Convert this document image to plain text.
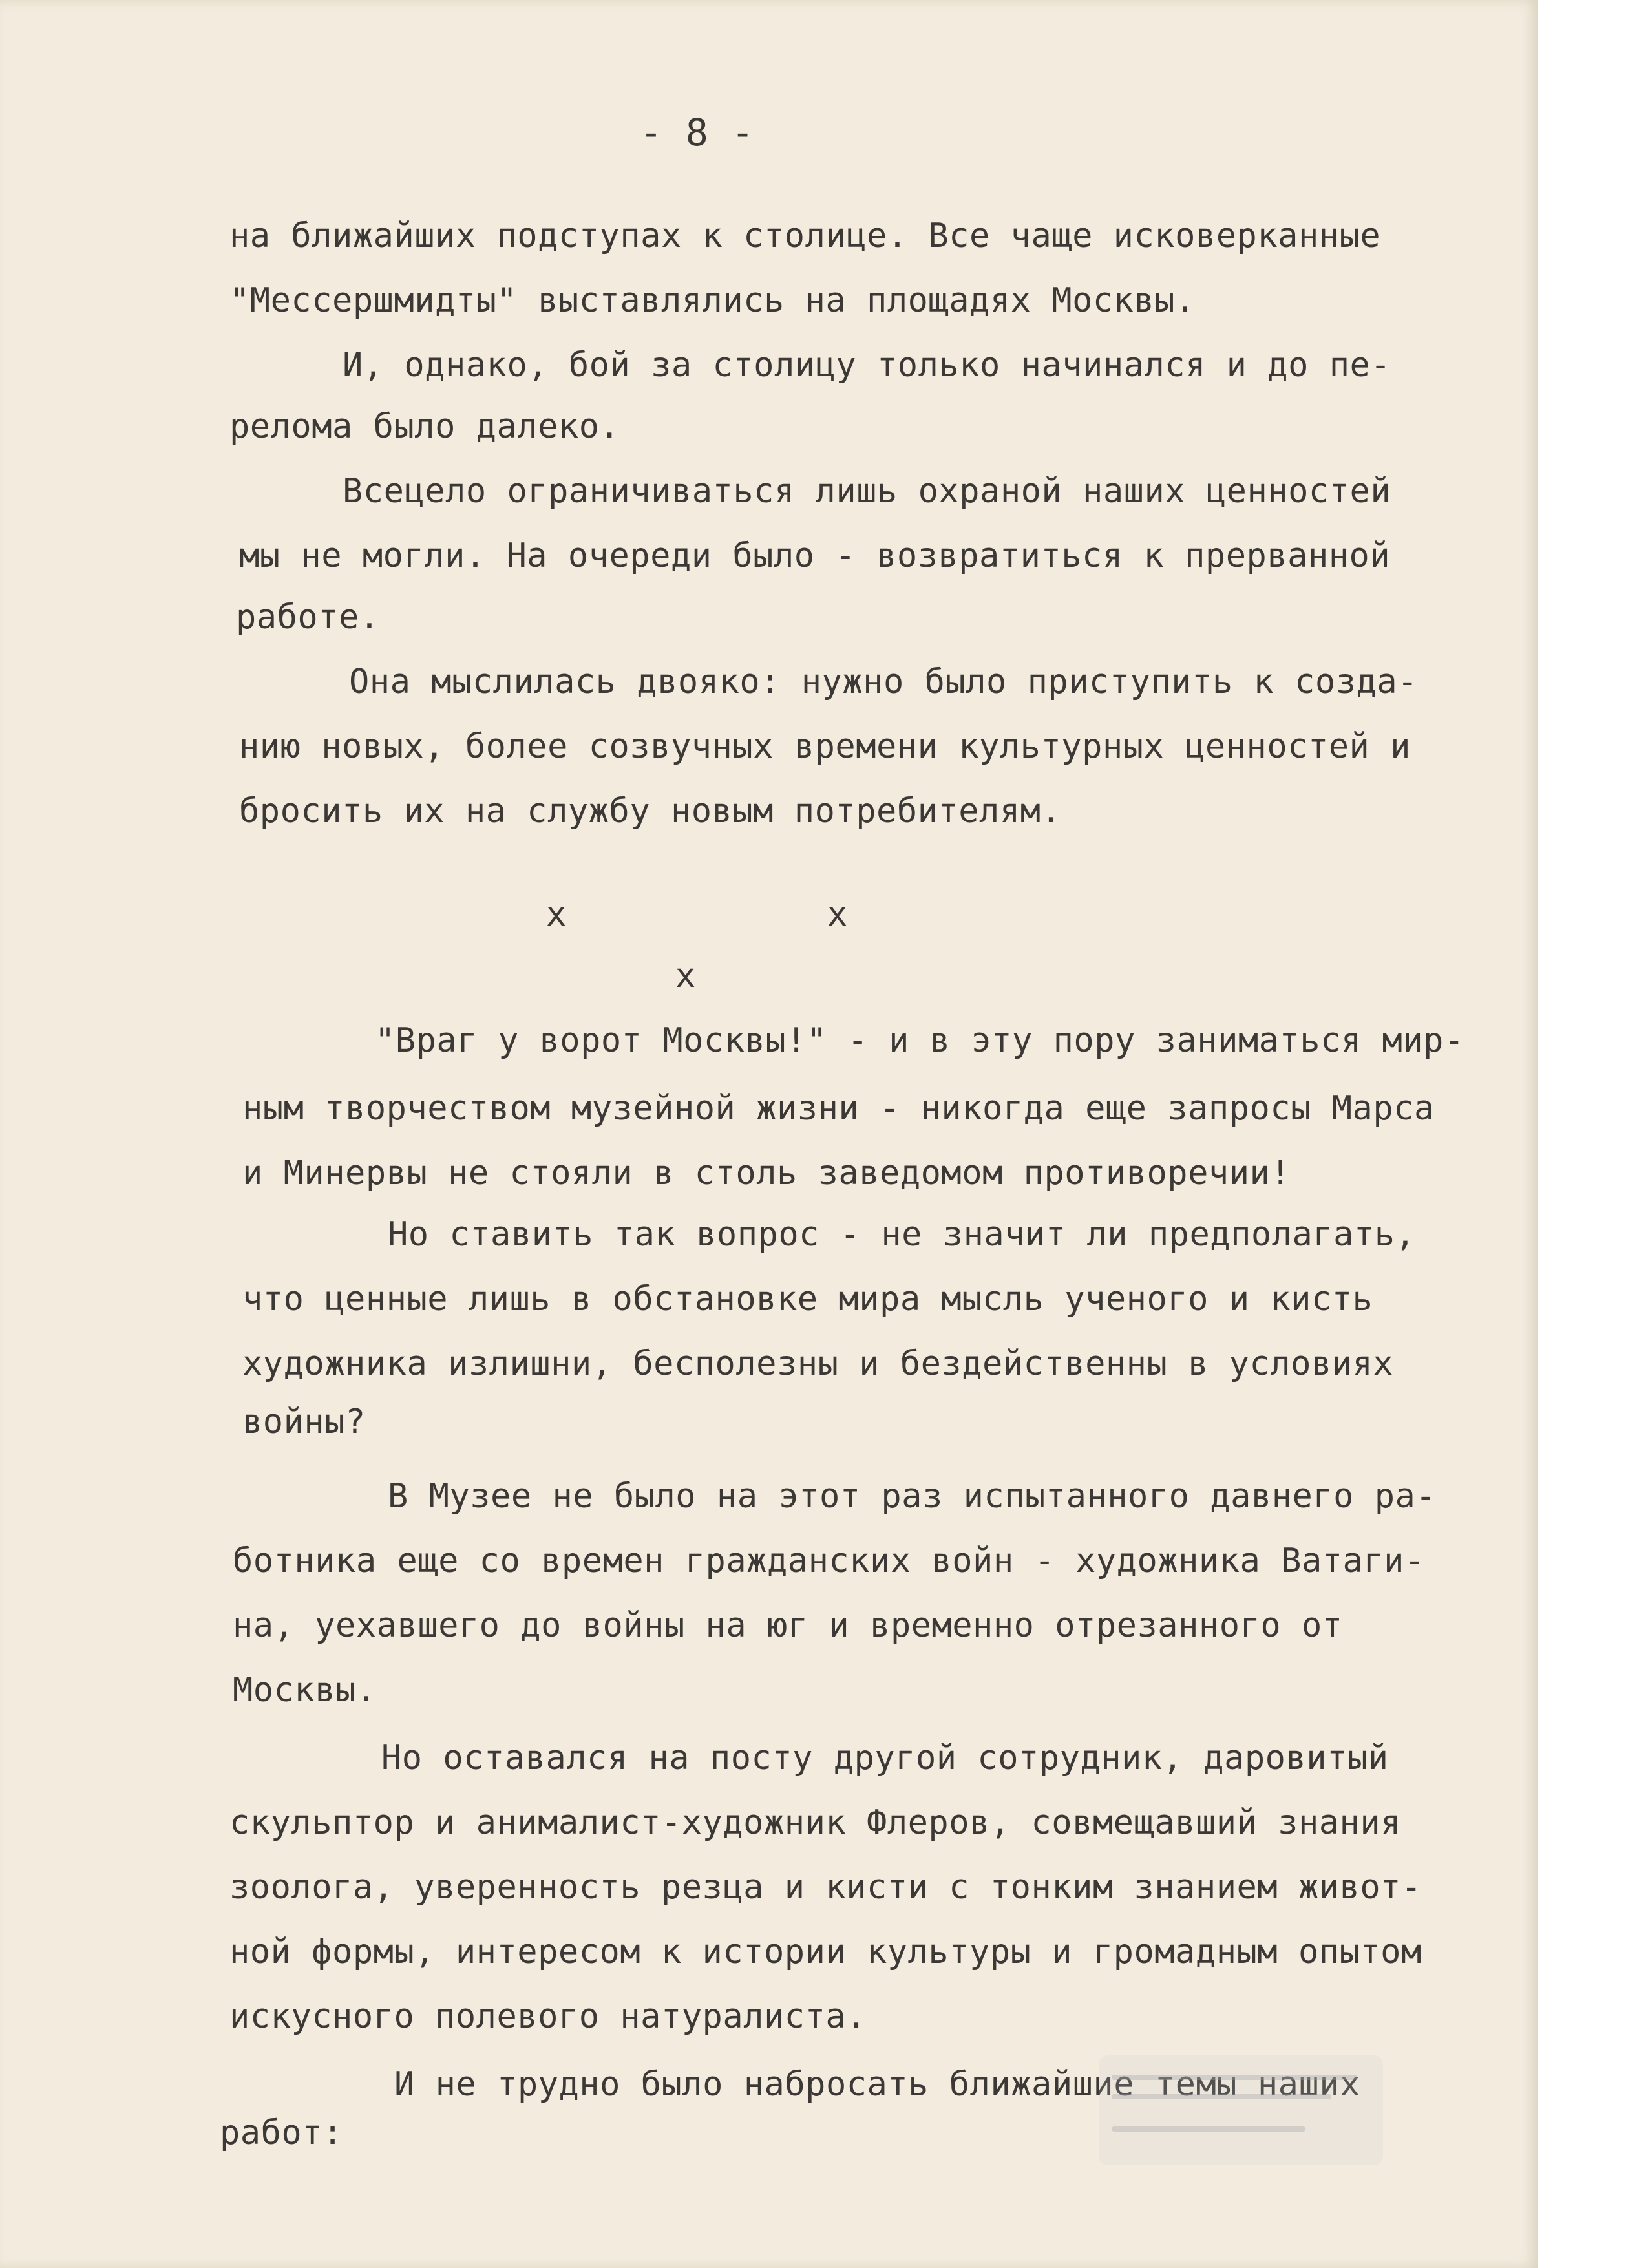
- 8 -
на ближайших подступах к столице. Все чаще исковерканные
"Мессершмидты" выставлялись на площадях Москвы.
И, однако, бой за столицу только начинался и до пе-
релома было далеко.
Всецело ограничиваться лишь охраной наших ценностей
мы не могли. На очереди было - возвратиться к прерванной
работе.
Она мыслилась двояко: нужно было приступить к созда-
нию новых, более созвучных времени культурных ценностей и
бросить их на службу новым потребителям.
x	x
x
"Враг у ворот Москвы!" - и в эту пору заниматься мир-
ным творчеством музейной жизни - никогда еще запросы Марса
и Минервы не стояли в столь заведомом противоречии!
Но ставить так вопрос - не значит ли предполагать,
что ценные лишь в обстановке мира мысль ученого и кисть
художника излишни, бесполезны и бездейственны в условиях
войны?
В Музее не было на этот раз испытанного давнего ра-
ботника еще со времен гражданских войн - художника Ватаги-
на, уехавшего до войны на юг и временно отрезанного от
Москвы.
Но оставался на посту другой сотрудник, даровитый
скульптор и анималист-художник Флеров, совмещавший знания
зоолога, уверенность резца и кисти с тонким знанием живот-
ной формы, интересом к истории культуры и громадным опытом
искусного полевого натуралиста.
И не трудно было набросать ближайшие темы наших
работ:
